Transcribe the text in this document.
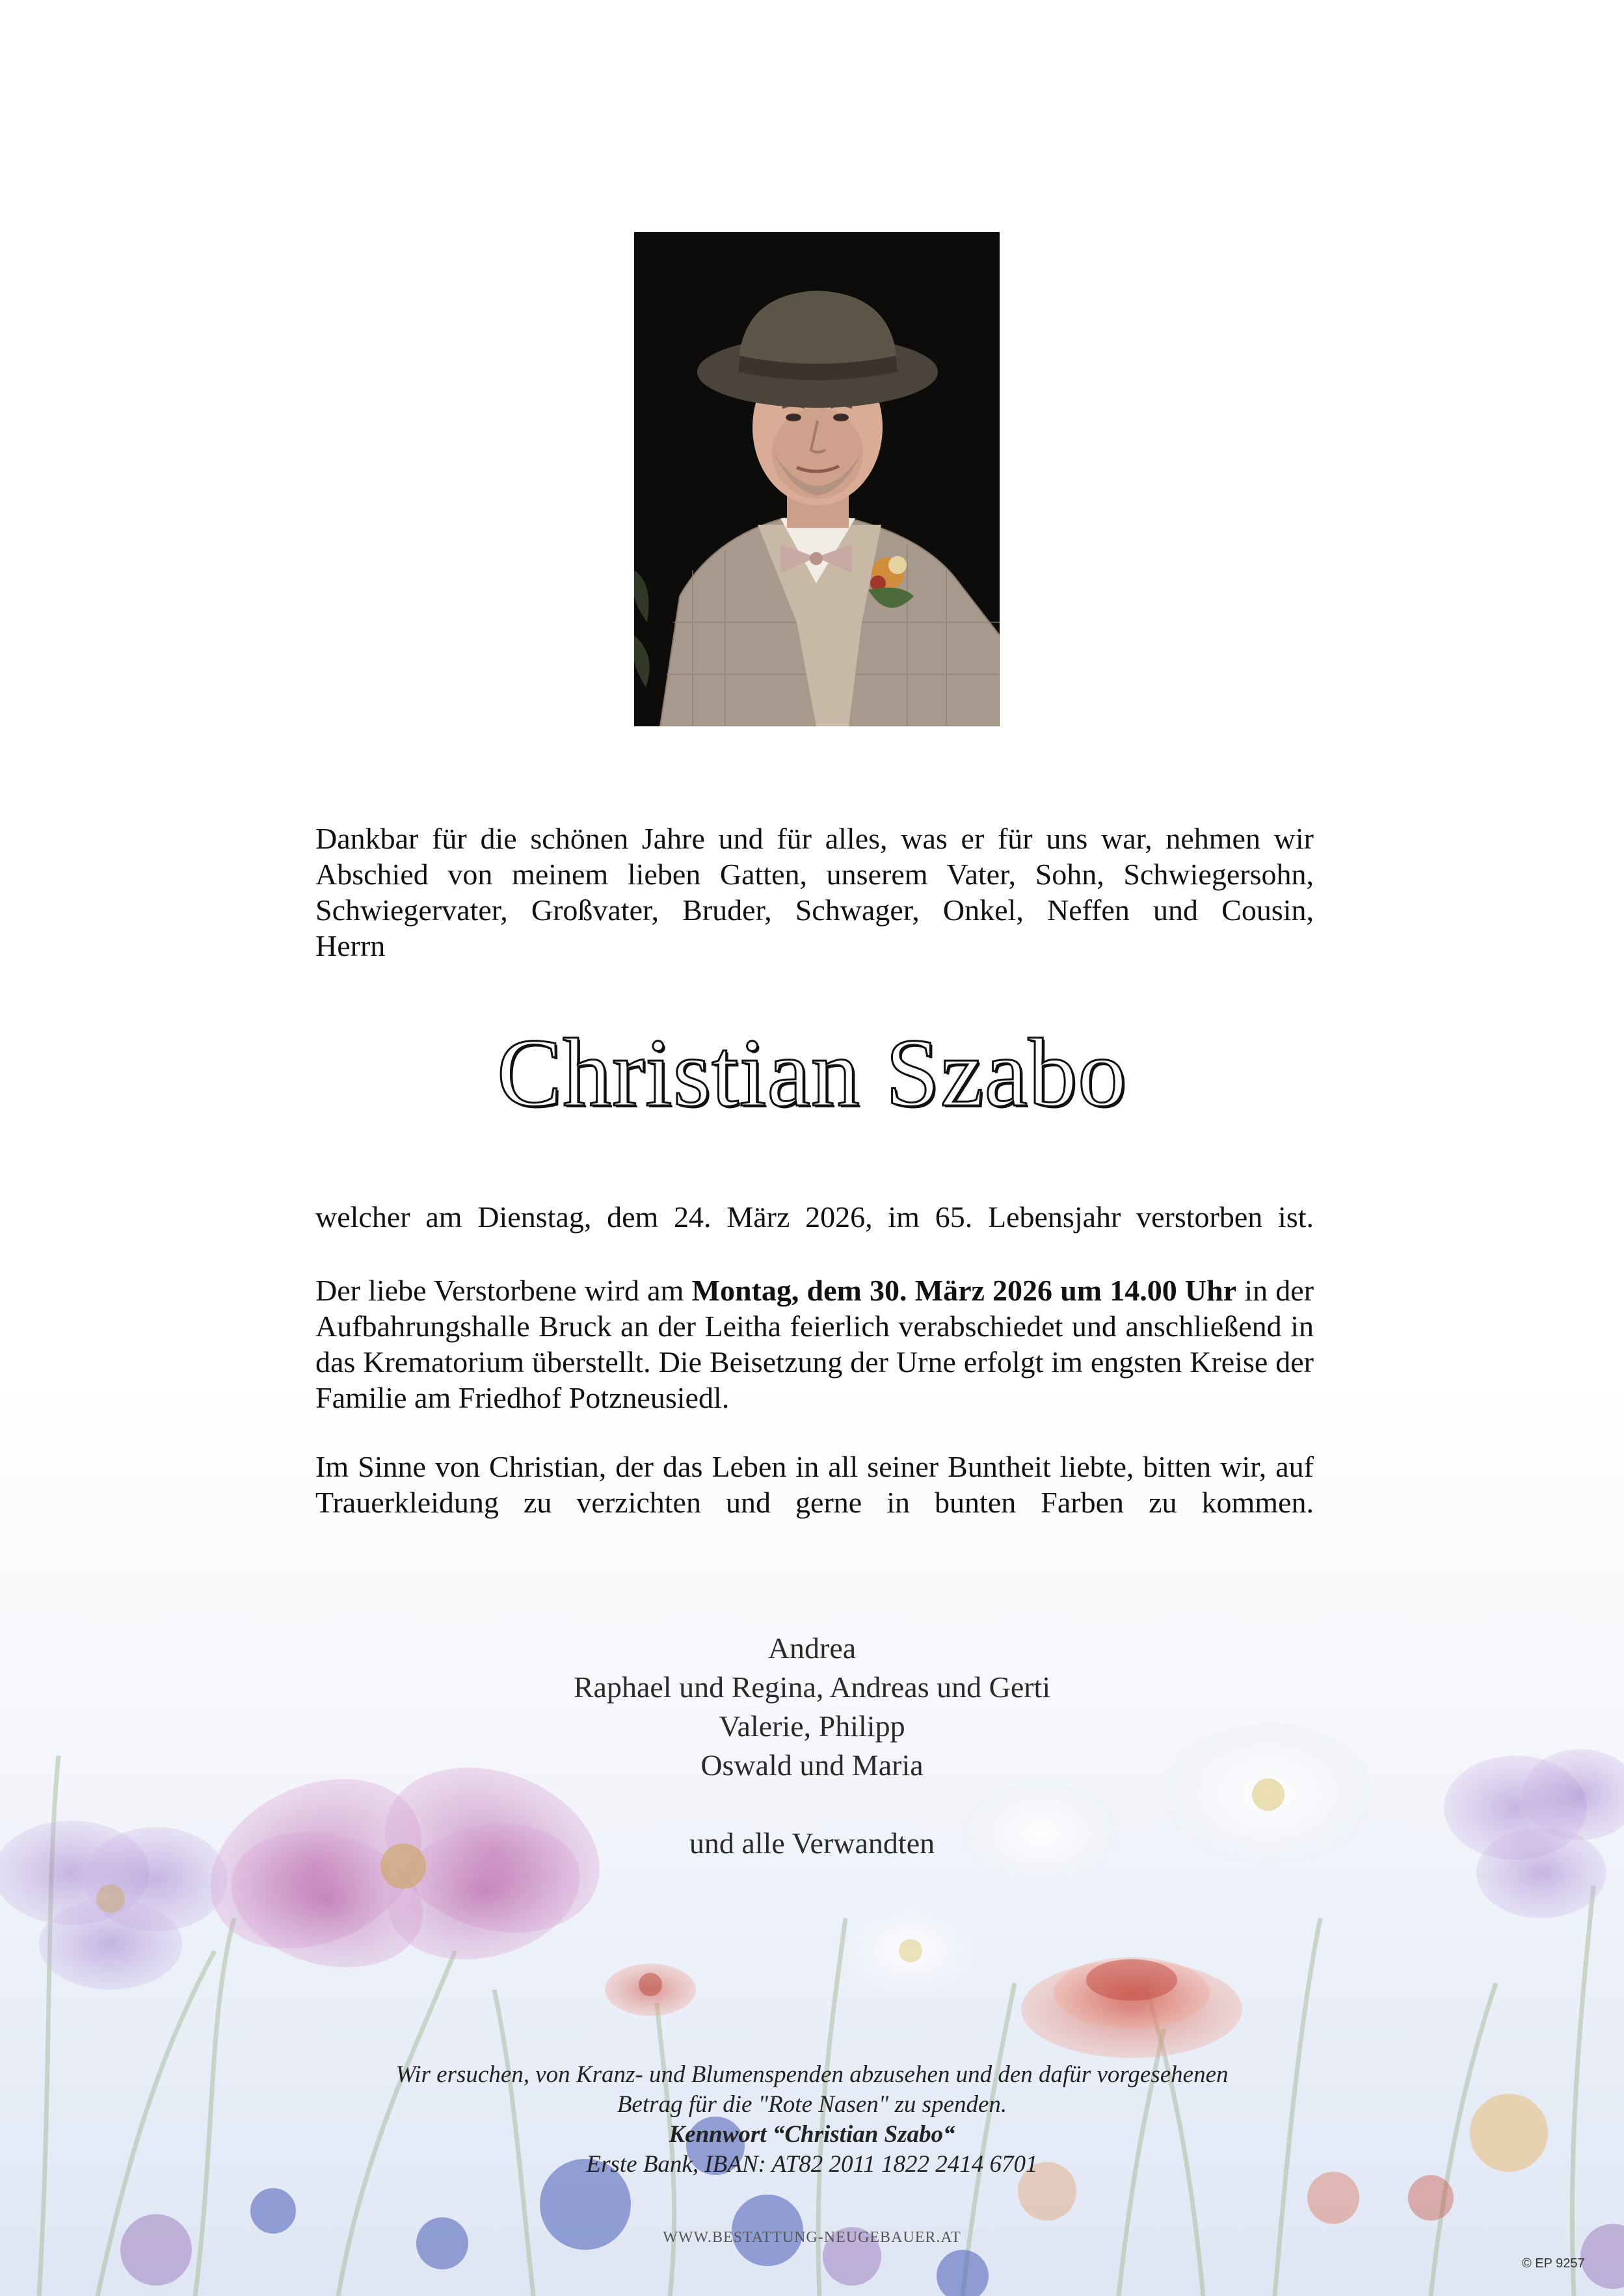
Dankbar für die schönen Jahre und für alles, was er für uns war, nehmen wir

Abschied von meinem lieben Gatten, unserem Vater, Sohn, Schwiegersohn,

Schwiegervater, Großvater, Bruder, Schwager, Onkel, Neffen und Cousin,

Herrn

Christian Szabo

welcher am Dienstag, dem 24. März 2026, im 65. Lebensjahr verstorben ist.

Der liebe Verstorbene wird am Montag, dem 30. März 2026 um 14.00 Uhr in der Aufbahrungshalle Bruck an der Leitha feierlich verabschiedet und anschließend in das Krematorium überstellt. Die Beisetzung der Urne erfolgt im engsten Kreise der Familie am Friedhof Potzneusiedl.

Im Sinne von Christian, der das Leben in all seiner Buntheit liebte, bitten wir, auf Trauerkleidung zu verzichten und gerne in bunten Farben zu kommen.

Andrea
Raphael und Regina, Andreas und Gerti
Valerie, Philipp
Oswald und Maria
und alle Verwandten
Wir ersuchen, von Kranz- und Blumenspenden abzusehen und den dafür vorgesehenen
Betrag für die "Rote Nasen" zu spenden.
Kennwort “Christian Szabo“
Erste Bank, IBAN: AT82 2011 1822 2414 6701
WWW.BESTATTUNG-NEUGEBAUER.AT
© EP 9257
